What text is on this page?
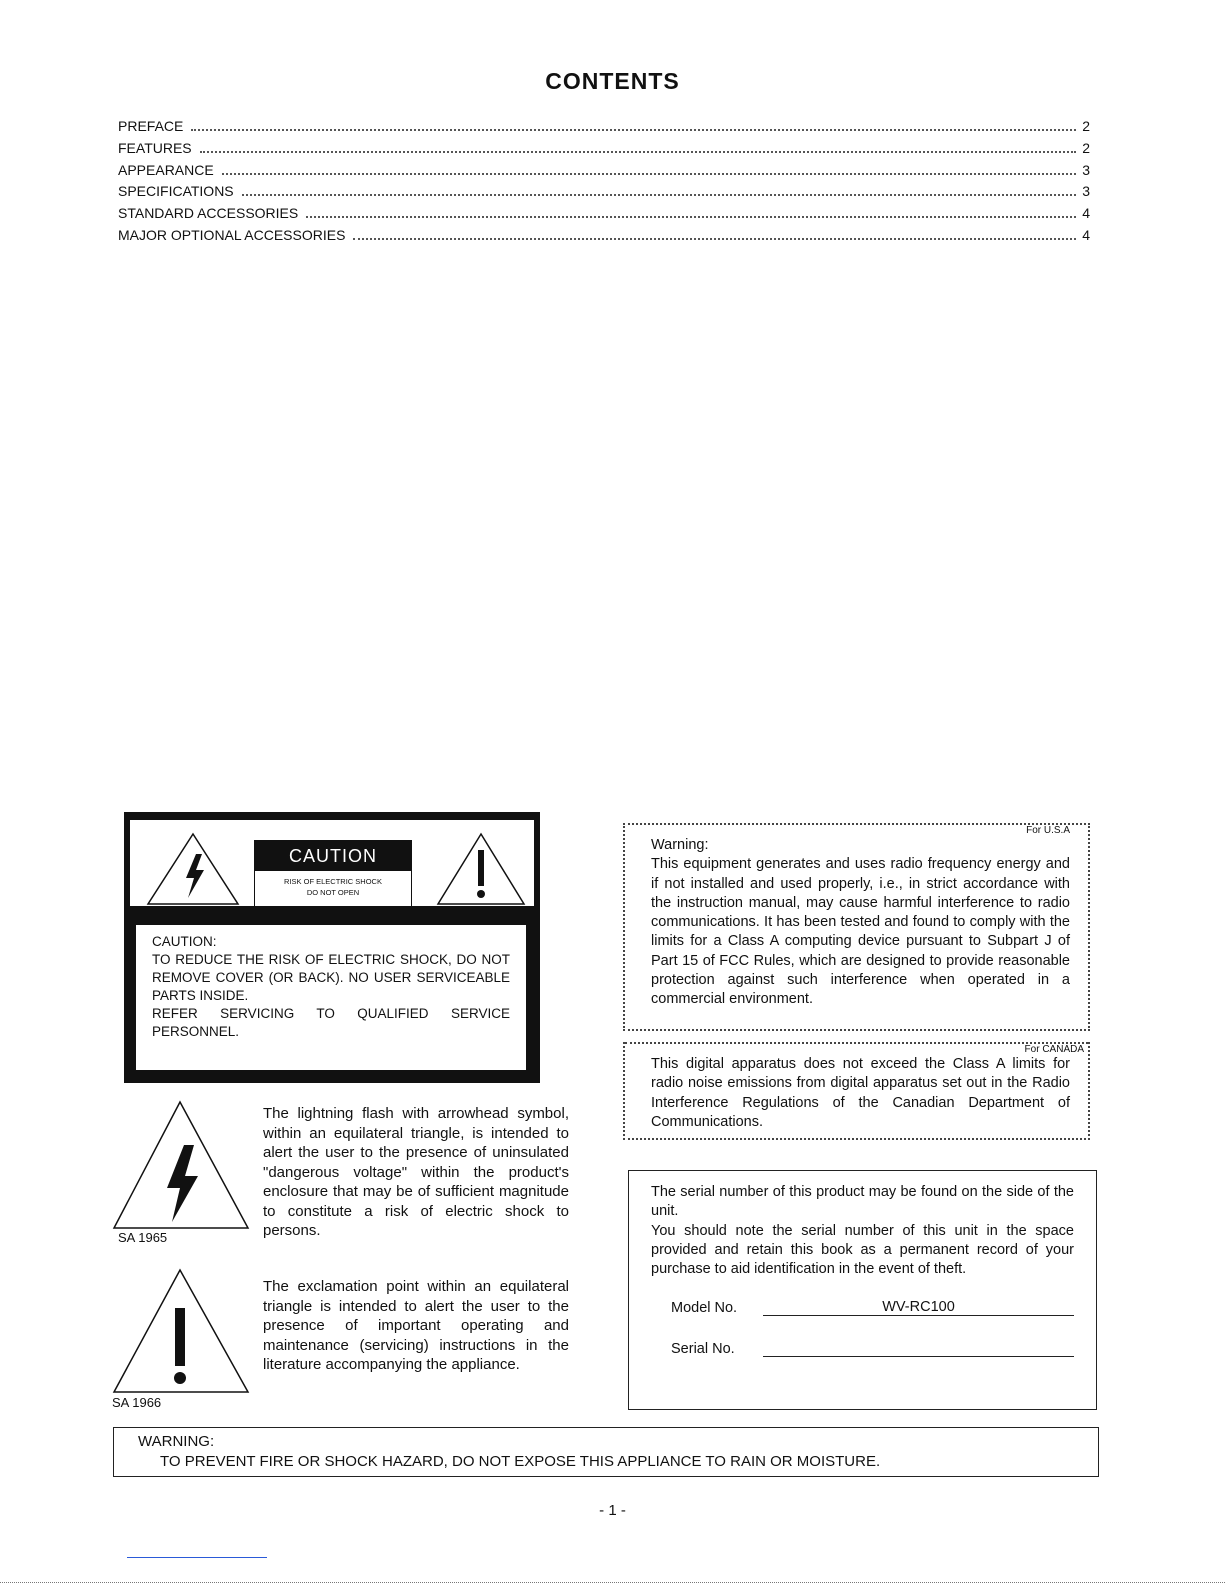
CONTENTS
PREFACE	2
FEATURES	2
APPEARANCE	3
SPECIFICATIONS	3
STANDARD ACCESSORIES	4
MAJOR OPTIONAL ACCESSORIES	4
CAUTION
RISK OF ELECTRIC SHOCK
DO NOT OPEN
CAUTION:
TO REDUCE THE RISK OF ELECTRIC SHOCK, DO NOT REMOVE COVER (OR BACK). NO USER SERVICEABLE PARTS INSIDE.
REFER SERVICING TO QUALIFIED SERVICE PERSONNEL.
SA 1965
The lightning flash with arrowhead symbol, within an equilateral triangle, is intended to alert the user to the presence of uninsulated "dangerous voltage" within the product's enclosure that may be of sufficient magnitude to constitute a risk of electric shock to persons.
SA 1966
The exclamation point within an equilateral triangle is intended to alert the user to the presence of important operating and maintenance (servicing) instructions in the literature accompanying the appliance.
For U.S.A
Warning:
This equipment generates and uses radio frequency energy and if not installed and used properly, i.e., in strict accordance with the instruction manual, may cause harmful interference to radio communications. It has been tested and found to comply with the limits for a Class A computing device pursuant to Subpart J of Part 15 of FCC Rules, which are designed to provide reasonable protection against such interference when operated in a commercial environment.
For CANADA
This digital apparatus does not exceed the Class A limits for radio noise emissions from digital apparatus set out in the Radio Interference Regulations of the Canadian Department of Communications.
The serial number of this product may be found on the side of the unit.
You should note the serial number of this unit in the space provided and retain this book as a permanent record of your purchase to aid identification in the event of theft.
Model No.	WV-RC100
Serial No.
WARNING:
TO PREVENT FIRE OR SHOCK HAZARD, DO NOT EXPOSE THIS APPLIANCE TO RAIN OR MOISTURE.
- 1 -
